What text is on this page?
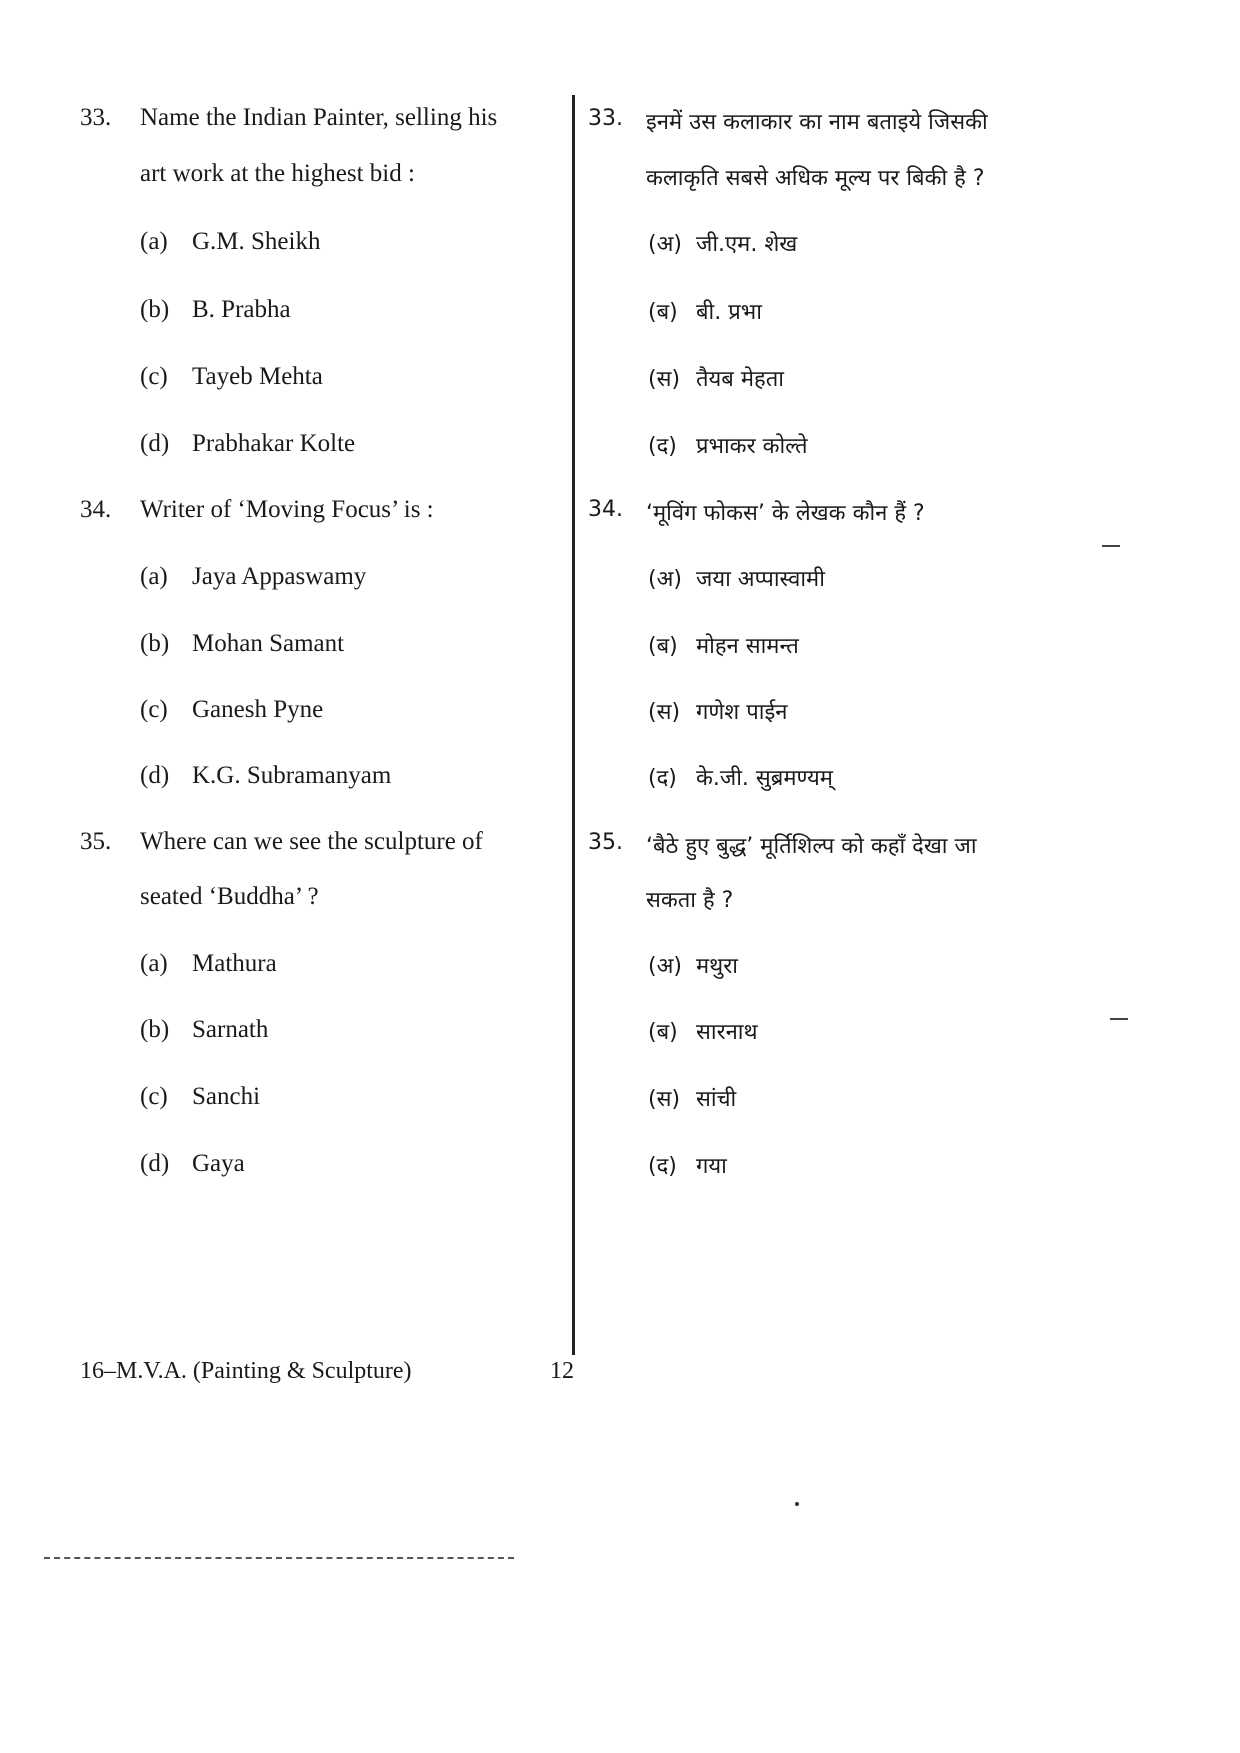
33. Name the Indian Painter, selling his
art work at the highest bid :
(a) G.M. Sheikh
(b) B. Prabha
(c) Tayeb Mehta
(d) Prabhakar Kolte
34. Writer of ‘Moving Focus’ is :
(a) Jaya Appaswamy
(b) Mohan Samant
(c) Ganesh Pyne
(d) K.G. Subramanyam
35. Where can we see the sculpture of
seated ‘Buddha’ ?
(a) Mathura
(b) Sarnath
(c) Sanchi
(d) Gaya
33. इनमें उस कलाकार का नाम बताइये जिसकी
कलाकृति सबसे अधिक मूल्य पर बिकी है ?
(अ) जी.एम. शेख
(ब) बी. प्रभा
(स) तैयब मेहता
(द) प्रभाकर कोल्ते
34. ‘मूविंग फोकस’ के लेखक कौन हैं ?
(अ) जया अप्पास्वामी
(ब) मोहन सामन्त
(स) गणेश पाईन
(द) के.जी. सुब्रमण्यम्
35. ‘बैठे हुए बुद्ध’ मूर्तिशिल्प को कहाँ देखा जा
सकता है ?
(अ) मथुरा
(ब) सारनाथ
(स) सांची
(द) गया
16–M.V.A. (Painting & Sculpture)	12
